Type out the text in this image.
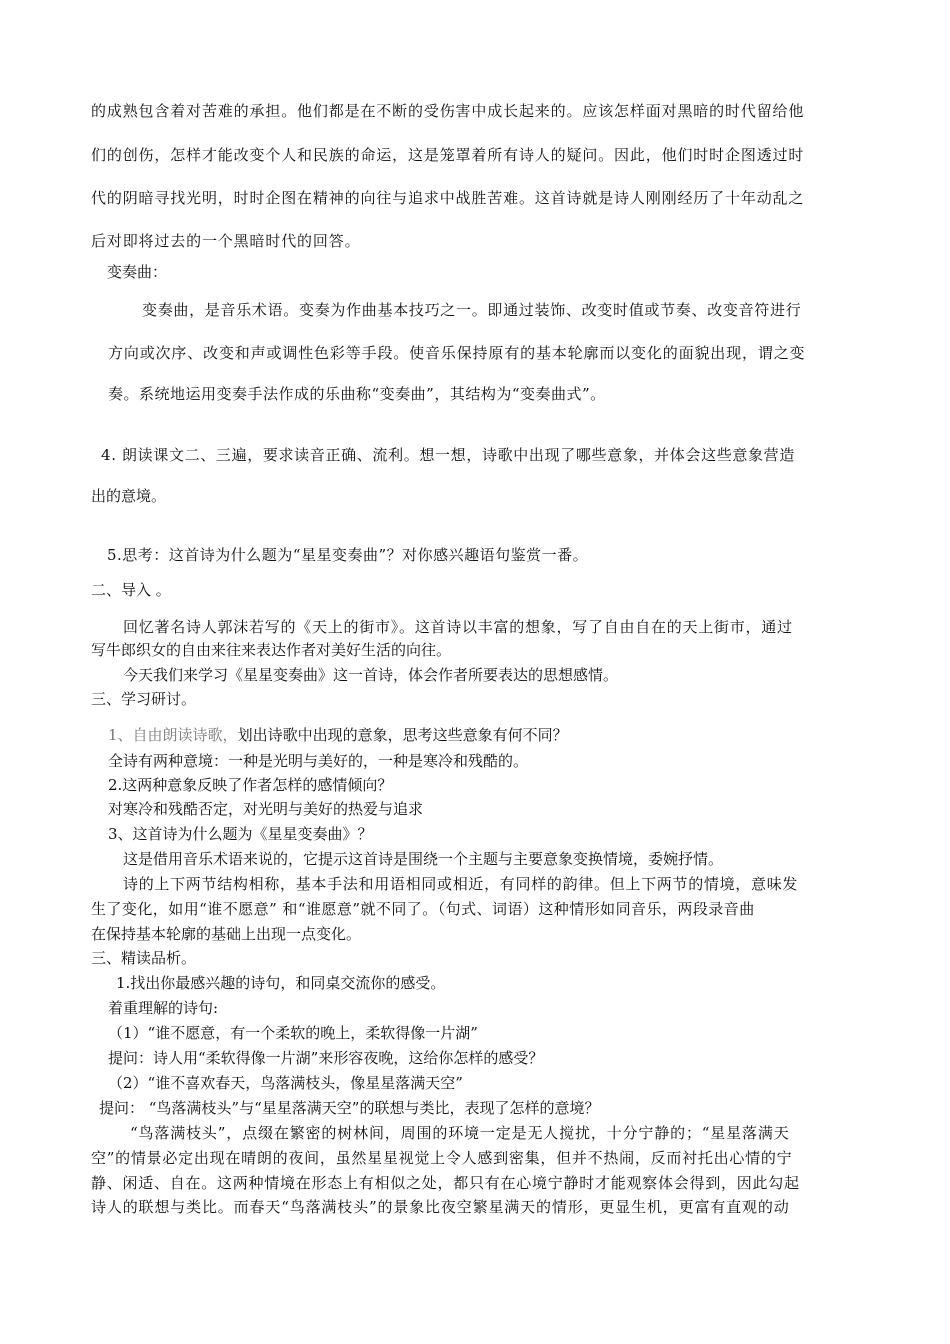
的成熟包含着对苦难的承担。他们都是在不断的受伤害中成长起来的。应该怎样面对黑暗的时代留给他
们的创伤，怎样才能改变个人和民族的命运，这是笼罩着所有诗人的疑问。因此，他们时时企图透过时
代的阴暗寻找光明，时时企图在精神的向往与追求中战胜苦难。这首诗就是诗人刚刚经历了十年动乱之
后对即将过去的一个黑暗时代的回答。
变奏曲：
变奏曲，是音乐术语。变奏为作曲基本技巧之一。即通过装饰、改变时值或节奏、改变音符进行
方向或次序、改变和声或调性色彩等手段。使音乐保持原有的基本轮廓而以变化的面貌出现，谓之变
奏。系统地运用变奏手法作成的乐曲称“变奏曲”，其结构为“变奏曲式”。
4. 朗读课文二、三遍，要求读音正确、流利。想一想，诗歌中出现了哪些意象，并体会这些意象营造
出的意境。
5.思考：这首诗为什么题为“星星变奏曲”？对你感兴趣语句鉴赏一番。
二、导入 。
回忆著名诗人郭沫若写的《天上的街市》。这首诗以丰富的想象，写了自由自在的天上街市，通过
写牛郎织女的自由来往来表达作者对美好生活的向往。
今天我们来学习《星星变奏曲》这一首诗，体会作者所要表达的思想感情。
三、学习研讨。
1、自由朗读诗歌，划出诗歌中出现的意象，思考这些意象有何不同？
全诗有两种意境：一种是光明与美好的，一种是寒冷和残酷的。
2.这两种意象反映了作者怎样的感情倾向？
对寒冷和残酷否定，对光明与美好的热爱与追求
3、这首诗为什么题为《星星变奏曲》？
这是借用音乐术语来说的，它提示这首诗是围绕一个主题与主要意象变换情境，委婉抒情。
诗的上下两节结构相称，基本手法和用语相同或相近，有同样的韵律。但上下两节的情境，意味发
生了变化，如用“谁不愿意” 和“谁愿意”就不同了。（句式、词语）这种情形如同音乐，两段录音曲
在保持基本轮廓的基础上出现一点变化。
三、精读品析。
1.找出你最感兴趣的诗句，和同桌交流你的感受。
着重理解的诗句:
（1）“谁不愿意，有一个柔软的晚上，柔软得像一片湖”
提问：诗人用“柔软得像一片湖”来形容夜晚，这给你怎样的感受？
（2）“谁不喜欢春天，鸟落满枝头，像星星落满天空”
提问： “鸟落满枝头”与“星星落满天空”的联想与类比，表现了怎样的意境？
“鸟落满枝头”，点缀在繁密的树林间，周围的环境一定是无人搅扰，十分宁静的；“星星落满天
空”的情景必定出现在晴朗的夜间，虽然星星视觉上令人感到密集，但并不热闹，反而衬托出心情的宁
静、闲适、自在。这两种情境在形态上有相似之处，都只有在心境宁静时才能观察体会得到，因此勾起
诗人的联想与类比。而春天“鸟落满枝头”的景象比夜空繁星满天的情形，更显生机，更富有直观的动
